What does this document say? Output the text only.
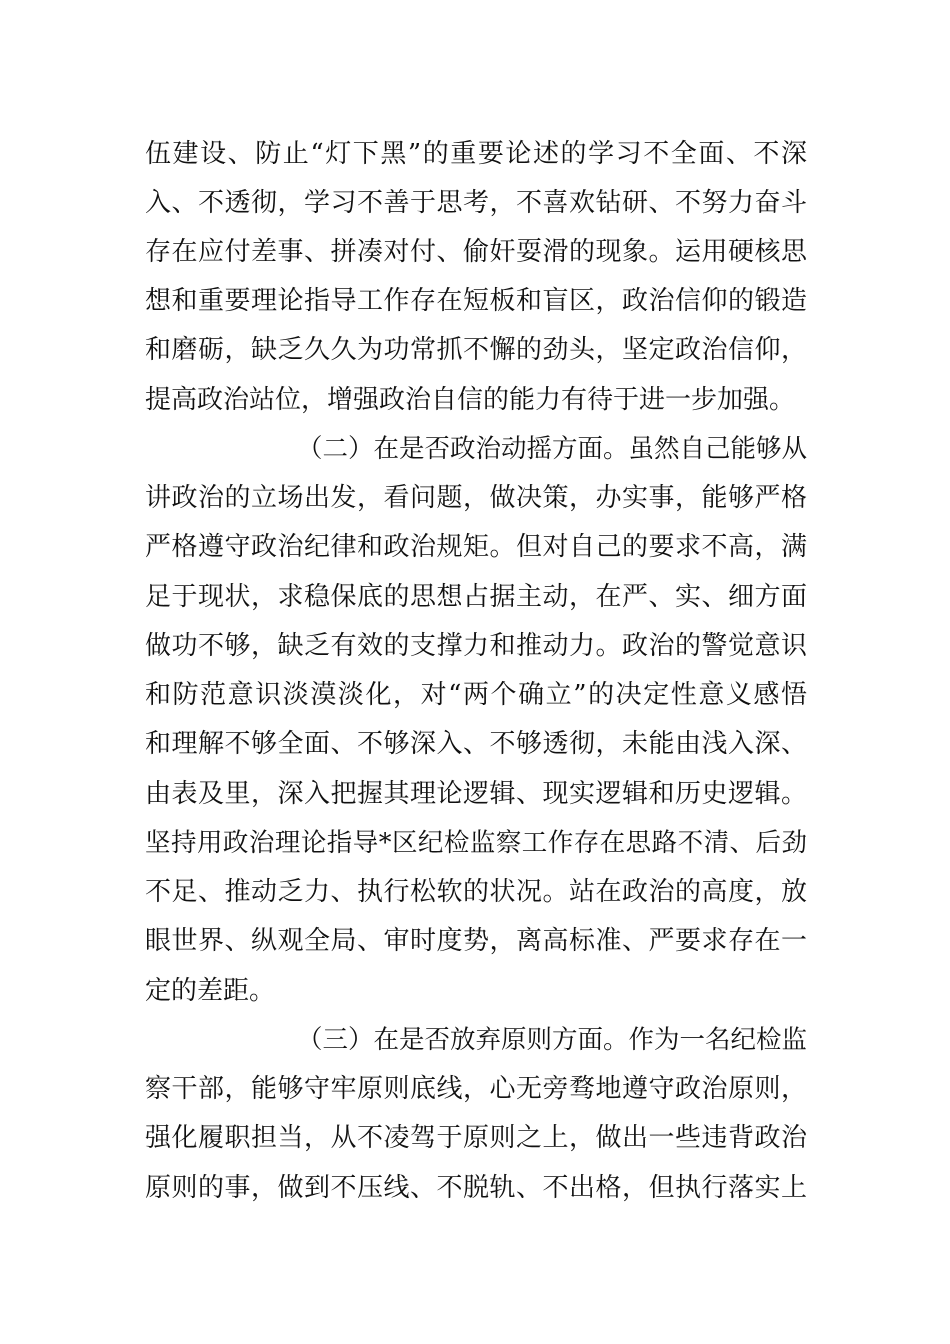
伍建设、防止“灯下黑”的重要论述的学习不全面、不深
入、不透彻，学习不善于思考，不喜欢钻研、不努力奋斗
存在应付差事、拼凑对付、偷奸耍滑的现象。运用硬核思
想和重要理论指导工作存在短板和盲区，政治信仰的锻造
和磨砺，缺乏久久为功常抓不懈的劲头，坚定政治信仰，
提高政治站位，增强政治自信的能力有待于进一步加强。
（二）在是否政治动摇方面。虽然自己能够从
讲政治的立场出发，看问题，做决策，办实事，能够严格
严格遵守政治纪律和政治规矩。但对自己的要求不高，满
足于现状，求稳保底的思想占据主动，在严、实、细方面
做功不够，缺乏有效的支撑力和推动力。政治的警觉意识
和防范意识淡漠淡化，对“两个确立”的决定性意义感悟
和理解不够全面、不够深入、不够透彻，未能由浅入深、
由表及里，深入把握其理论逻辑、现实逻辑和历史逻辑。
坚持用政治理论指导*区纪检监察工作存在思路不清、后劲
不足、推动乏力、执行松软的状况。站在政治的高度，放
眼世界、纵观全局、审时度势，离高标准、严要求存在一
定的差距。
（三）在是否放弃原则方面。作为一名纪检监
察干部，能够守牢原则底线，心无旁骛地遵守政治原则，
强化履职担当，从不凌驾于原则之上，做出一些违背政治
原则的事，做到不压线、不脱轨、不出格，但执行落实上
